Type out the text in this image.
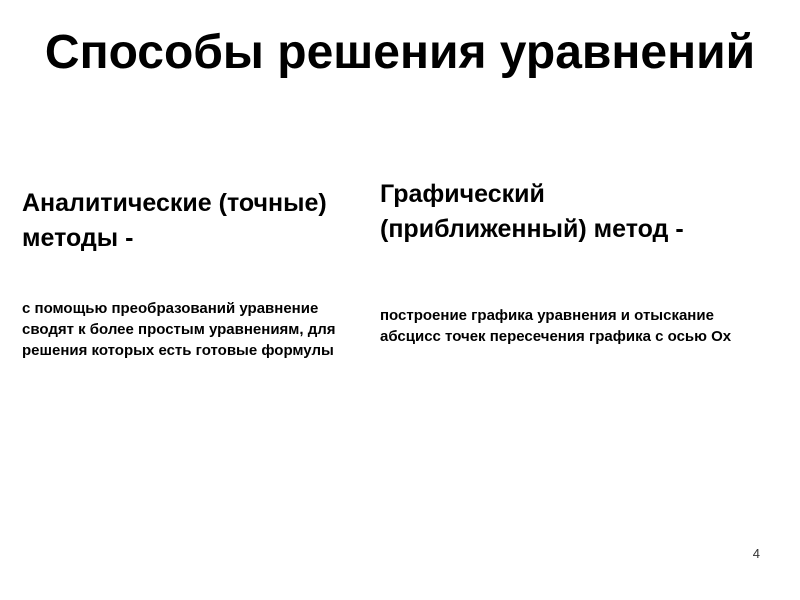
Способы решения уравнений
Аналитические (точные) методы -

с помощью преобразований уравнение сводят к более простым уравнениям, для решения которых есть готовые формулы

Графический (приближенный) метод -

построение графика уравнения и отыскание абсцисс точек пересечения графика с осью Ох

4
